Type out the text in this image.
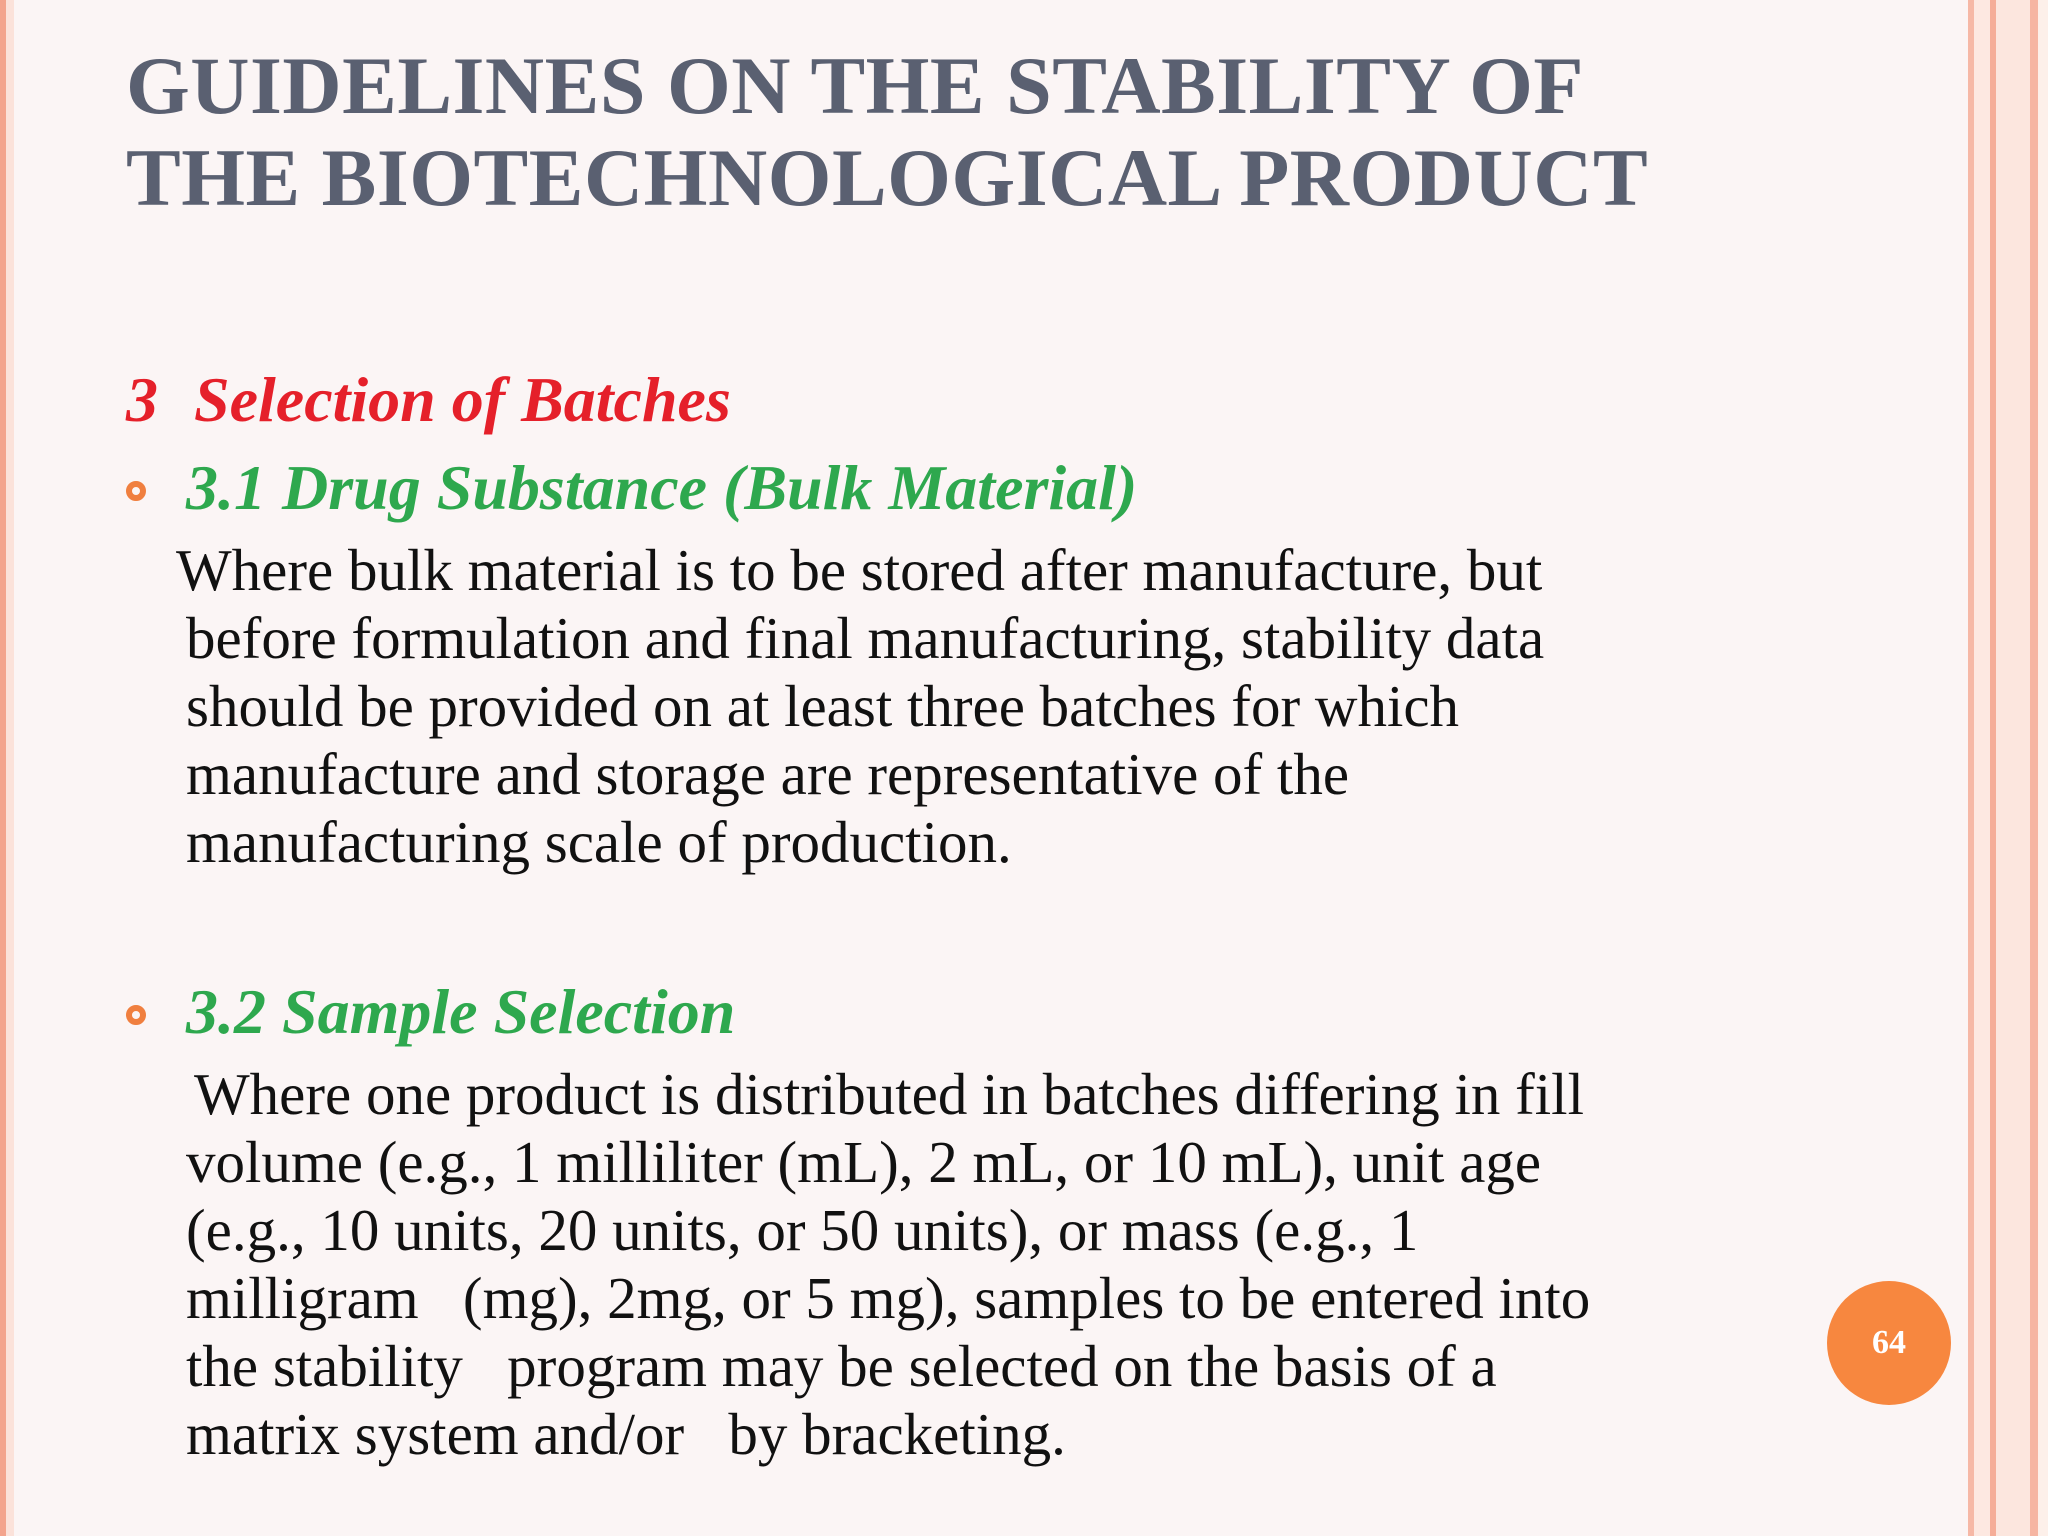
GUIDELINES ON THE STABILITY OF
THE BIOTECHNOLOGICAL PRODUCT
3 Selection of Batches
3.1 Drug Substance (Bulk Material)

Where bulk material is to be stored after manufacture, but
before formulation and final manufacturing, stability data
should be provided on at least three batches for which
manufacture and storage are representative of the
manufacturing scale of production.

3.2 Sample Selection

Where one product is distributed in batches differing in fill
volume (e.g., 1 milliliter (mL), 2 mL, or 10 mL), unit age
(e.g., 10 units, 20 units, or 50 units), or mass (e.g., 1
milligram   (mg), 2mg, or 5 mg), samples to be entered into
the stability   program may be selected on the basis of a
matrix system and/or   by bracketing.

64
